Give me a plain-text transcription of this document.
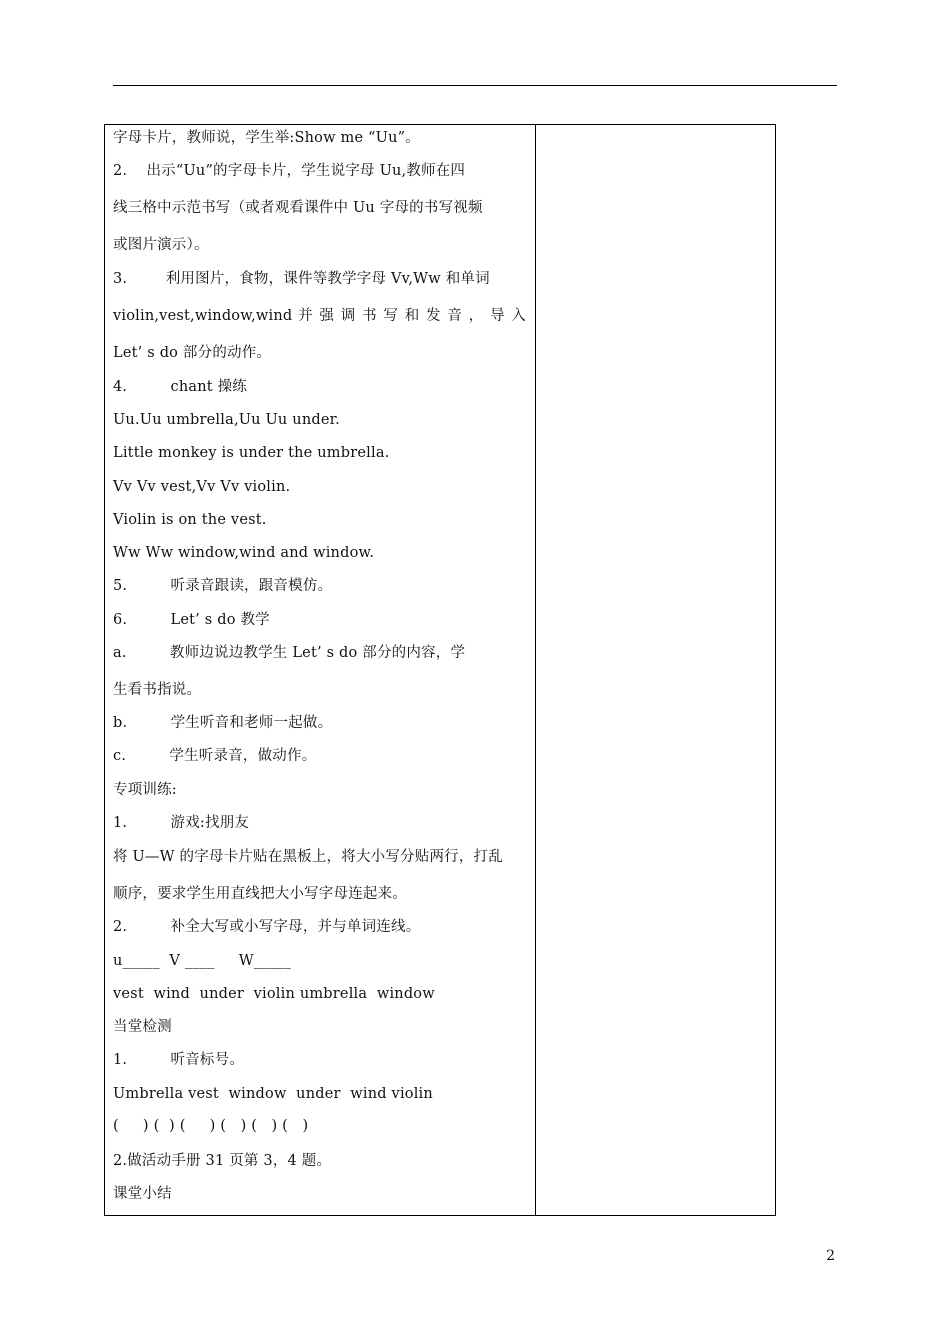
字母卡片，教师说，学生举:Show me “Uu”。
2.    出示“Uu”的字母卡片，学生说字母 Uu,教师在四
线三格中示范书写（或者观看课件中 Uu 字母的书写视频
或图片演示）。
3.        利用图片，食物，课件等教学字母 Vv,Ww 和单词
violin,vest,window,wind 并 强 调 书 写 和 发 音 ， 导 入
Let’ s do 部分的动作。
4.         chant 操练
Uu.Uu umbrella,Uu Uu under.
Little monkey is under the umbrella.
Vv Vv vest,Vv Vv violin.
Violin is on the vest.
Ww Ww window,wind and window.
5.         听录音跟读，跟音模仿。
6.         Let’ s do 教学
a.         教师边说边教学生 Let’ s do 部分的内容，学
生看书指说。
b.         学生听音和老师一起做。
c.         学生听录音，做动作。
专项训练:
1.         游戏:找朋友
将 U—W 的字母卡片贴在黑板上，将大小写分贴两行，打乱
顺序，要求学生用直线把大小写字母连起来。
2.         补全大写或小写字母，并与单词连线。
u_____  V ____     W_____
vest  wind  under  violin umbrella  window
当堂检测
1.         听音标号。
Umbrella vest  window  under  wind violin
(     ) (  ) (     ) (   ) (   ) (   )
2.做活动手册 31 页第 3，4 题。
课堂小结
2
